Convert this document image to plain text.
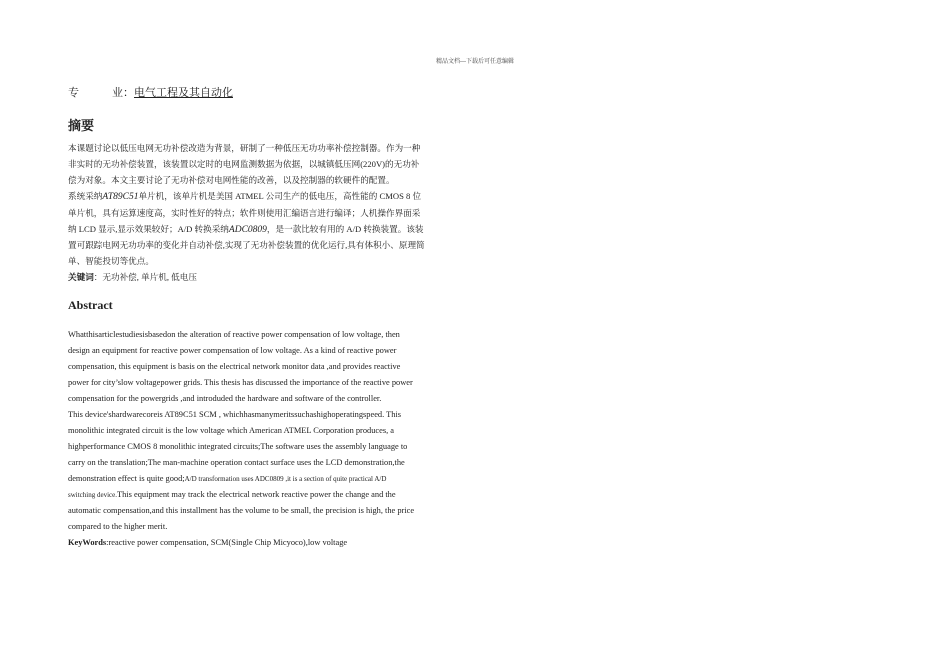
精品文档---下载后可任意编辑
专	业：电气工程及其自动化
摘要

本课题讨论以低压电网无功补偿改造为背景，研制了一种低压无功功率补偿控制器。作为一种

非实时的无功补偿装置，该装置以定时的电网监测数据为依据，以城镇低压网(220V)的无功补

偿为对象。本文主要讨论了无功补偿对电网性能的改善，以及控制器的软硬件的配置。

系统采纳AT89C51单片机，该单片机是美国 ATMEL 公司生产的低电压，高性能的 CMOS 8 位

单片机，具有运算速度高，实时性好的特点；软件则使用汇编语言进行编译；人机操作界面采

纳 LCD 显示,显示效果较好；A/D 转换采纳ADC0809，是一款比较有用的 A/D 转换装置。该装

置可跟踪电网无功功率的变化并自动补偿,实现了无功补偿装置的优化运行,具有体积小、原理简

单、智能投切等优点。

关键词：无功补偿, 单片机, 低电压

Abstract

Whatthisarticlestudiesisbasedon the alteration of reactive power compensation of low voltage, then

design an equipment for reactive power compensation of low voltage. As a kind of reactive power

compensation, this equipment is basis on the electrical network monitor data ,and provides reactive

power for city’slow voltagepower grids. This thesis has discussed the importance of the reactive power

compensation for the powergrids ,and introduded the hardware and software of the controller.

This device'shardwarecoreis AT89C51 SCM , whichhasmanymeritssuchashighoperatingspeed. This

monolithic integrated circuit is the low voltage which American ATMEL Corporation produces, a

highperformance CMOS 8 monolithic integrated circuits;The software uses the assembly language to

carry on the translation;The man-machine operation contact surface uses the LCD demonstration,the

demonstration effect is quite good;A/D transformation uses ADC0809 ,it is a section of quite practical A/D

switching device.This equipment may track the electrical network reactive power the change and the

automatic compensation,and this installment has the volume to be small, the precision is high, the price

compared to the higher merit.

KeyWords:reactive power compensation, SCM(Single Chip Micyoco),low voltage
